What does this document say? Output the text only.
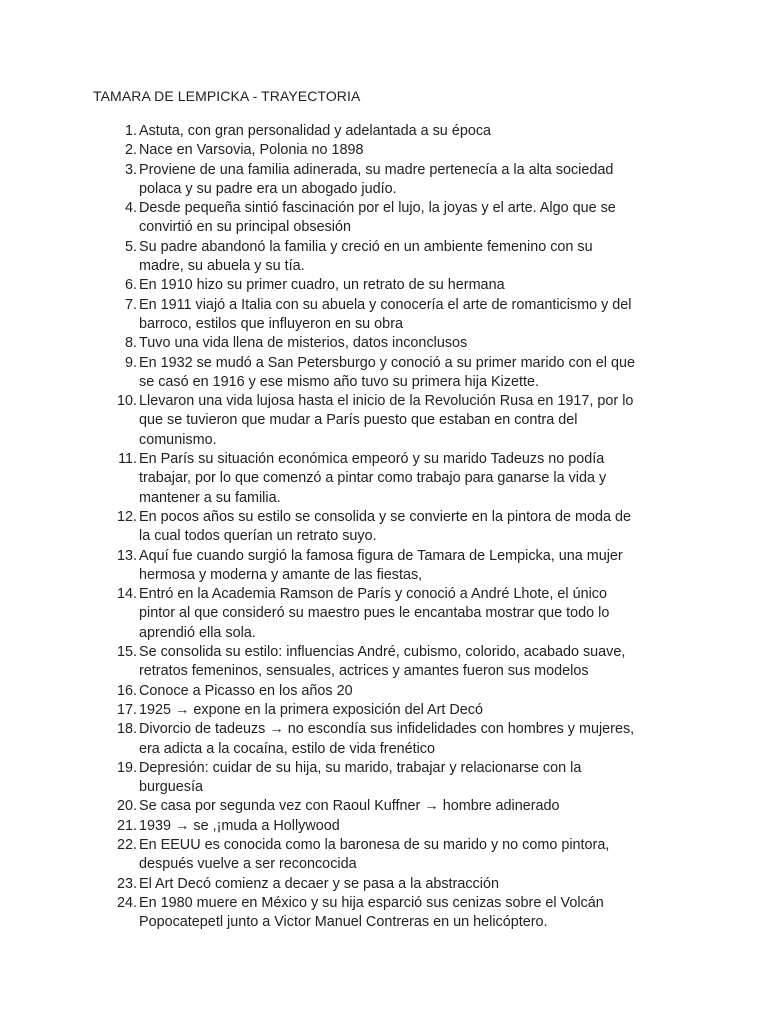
TAMARA DE LEMPICKA - TRAYECTORIA
1. Astuta, con gran personalidad y adelantada a su época
2. Nace en Varsovia, Polonia no 1898
3. Proviene de una familia adinerada, su madre pertenecía a la alta sociedad
polaca y su padre era un abogado judío.
4. Desde pequeña sintió fascinación por el lujo, la joyas y el arte. Algo que se
convirtió en su principal obsesión
5. Su padre abandonó la familia y creció en un ambiente femenino con su
madre, su abuela y su tía.
6. En 1910 hizo su primer cuadro, un retrato de su hermana
7. En 1911 viajó a Italia con su abuela y conocería el arte de romanticismo y del
barroco, estilos que influyeron en su obra
8. Tuvo una vida llena de misterios, datos inconclusos
9. En 1932 se mudó a San Petersburgo y conoció a su primer marido con el que
se casó en 1916 y ese mismo año tuvo su primera hija Kizette.
10. Llevaron una vida lujosa hasta el inicio de la Revolución Rusa en 1917, por lo
que se tuvieron que mudar a París puesto que estaban en contra del
comunismo.
11. En París su situación económica empeoró y su marido Tadeuzs no podía
trabajar, por lo que comenzó a pintar como trabajo para ganarse la vida y
mantener a su familia.
12. En pocos años su estilo se consolida y se convierte en la pintora de moda de
la cual todos querían un retrato suyo.
13. Aquí fue cuando surgió la famosa figura de Tamara de Lempicka, una mujer
hermosa y moderna y amante de las fiestas,
14. Entró en la Academia Ramson de París y conoció a André Lhote, el único
pintor al que consideró su maestro pues le encantaba mostrar que todo lo
aprendió ella sola.
15. Se consolida su estilo: influencias André, cubismo, colorido, acabado suave,
retratos femeninos, sensuales, actrices y amantes fueron sus modelos
16. Conoce a Picasso en los años 20
17. 1925 → expone en la primera exposición del Art Decó
18. Divorcio de tadeuzs → no escondía sus infidelidades con hombres y mujeres,
era adicta a la cocaína, estilo de vida frenético
19. Depresión: cuidar de su hija, su marido, trabajar y relacionarse con la
burguesía
20. Se casa por segunda vez con Raoul Kuffner → hombre adinerado
21. 1939 → se ,¡muda a Hollywood
22. En EEUU es conocida como la baronesa de su marido y no como pintora,
después vuelve a ser reconcocida
23. El Art Decó comienz a decaer y se pasa a la abstracción
24. En 1980 muere en México y su hija esparció sus cenizas sobre el Volcán
Popocatepetl junto a Victor Manuel Contreras en un helicóptero.
